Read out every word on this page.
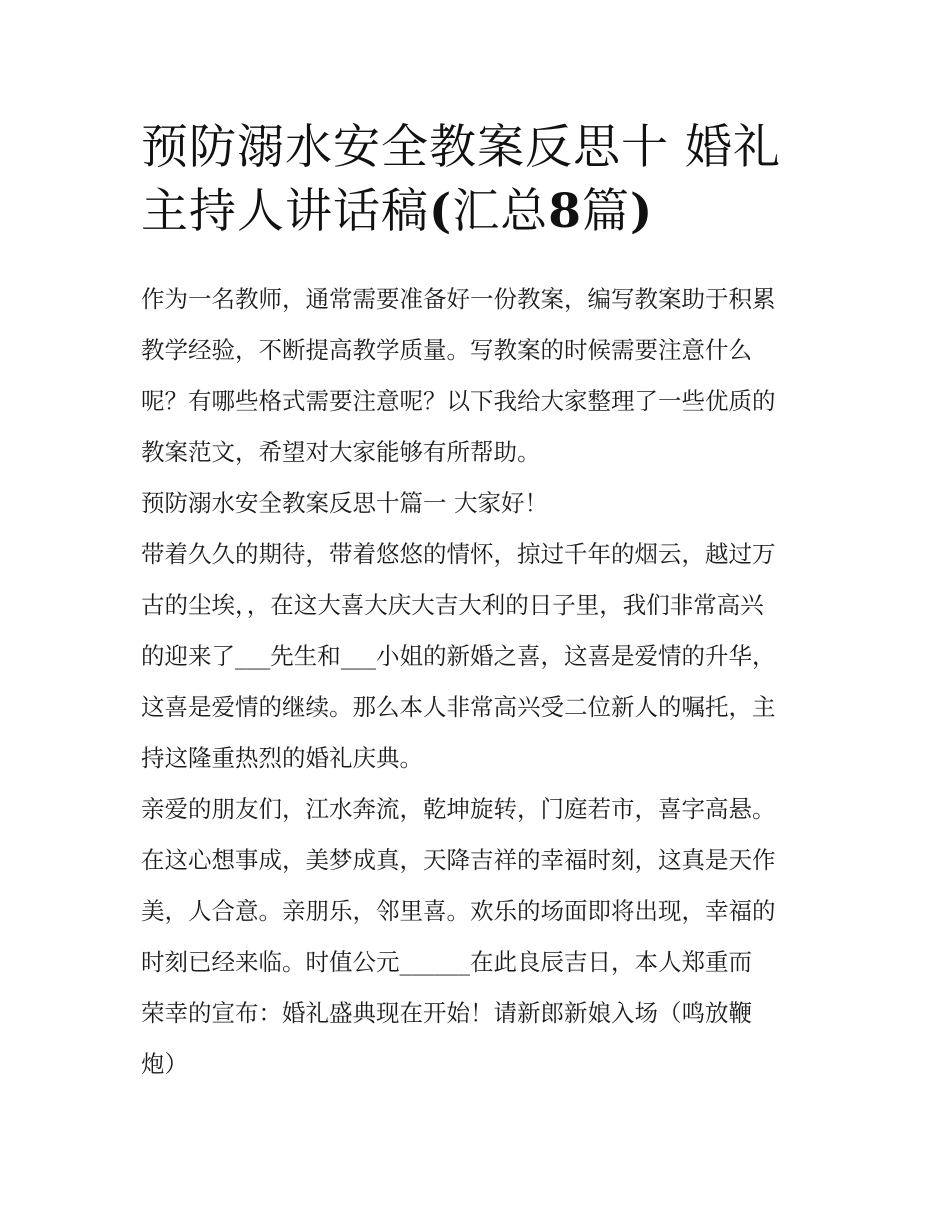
预防溺水安全教案反思十 婚礼
主持人讲话稿(汇总8篇)
作为一名教师，通常需要准备好一份教案，编写教案助于积累
教学经验，不断提高教学质量。写教案的时候需要注意什么
呢？有哪些格式需要注意呢？以下我给大家整理了一些优质的
教案范文，希望对大家能够有所帮助。
预防溺水安全教案反思十篇一 大家好！
带着久久的期待，带着悠悠的情怀，掠过千年的烟云，越过万
古的尘埃，，在这大喜大庆大吉大利的日子里，我们非常高兴
的迎来了___先生和___小姐的新婚之喜，这喜是爱情的升华，
这喜是爱情的继续。那么本人非常高兴受二位新人的嘱托，主
持这隆重热烈的婚礼庆典。
亲爱的朋友们，江水奔流，乾坤旋转，门庭若市，喜字高悬。
在这心想事成，美梦成真，天降吉祥的幸福时刻，这真是天作
美，人合意。亲朋乐，邻里喜。欢乐的场面即将出现，幸福的
时刻已经来临。时值公元______在此良辰吉日，本人郑重而
荣幸的宣布：婚礼盛典现在开始！请新郎新娘入场（鸣放鞭
炮）
